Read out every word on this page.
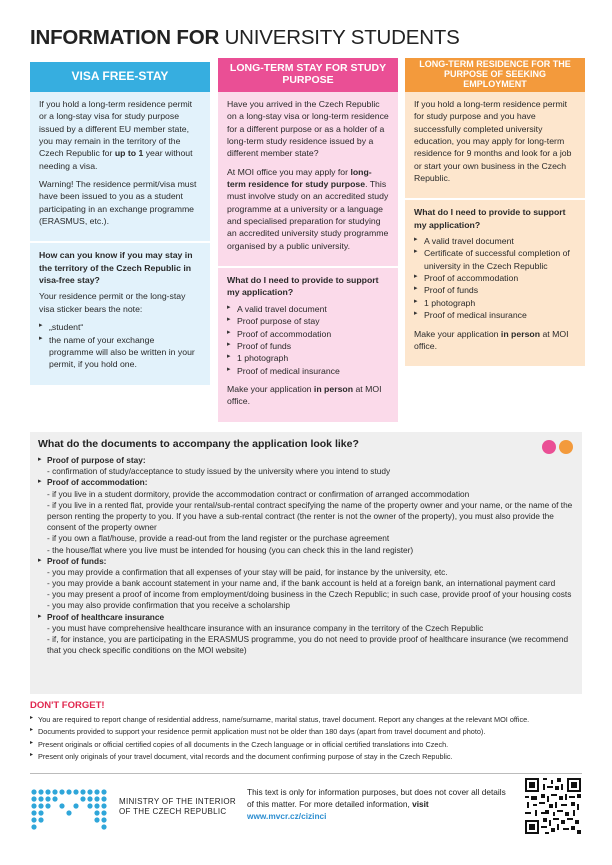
INFORMATION FOR UNIVERSITY STUDENTS
VISA FREE-STAY

If you hold a long-term residence permit or a long-stay visa for study purpose issued by a different EU member state, you may remain in the territory of the Czech Republic for up to 1 year without needing a visa.

Warning! The residence permit/visa must have been issued to you as a student participating in an exchange programme (ERASMUS, etc.).

How can you know if you may stay in the territory of the Czech Republic in visa-free stay?

Your residence permit or the long-stay visa sticker bears the note:

▸ „student“
▸ the name of your exchange programme will also be written in your permit, if you hold one.
LONG-TERM STAY FOR STUDY PURPOSE

Have you arrived in the Czech Republic on a long-stay visa or long-term residence for a different purpose or as a holder of a long-term study residence issued by a different member state?

At MOI office you may apply for long-term residence for study purpose. This must involve study on an accredited study programme at a university or a language and specialised preparation for studying an accredited university study programme organised by a public university.

What do I need to provide to support my application?
▸ A valid travel document
▸ Proof purpose of stay
▸ Proof of accommodation
▸ Proof of funds
▸ 1 photograph
▸ Proof of medical insurance

Make your application in person at MOI office.

LONG-TERM RESIDENCE FOR THE PURPOSE OF SEEKING EMPLOYMENT

If you hold a long-term residence permit for study purpose and you have successfully completed university education, you may apply for long-term residence for 9 months and look for a job or start your own business in the Czech Republic.

What do I need to provide to support my application?
▸ A valid travel document
▸ Certificate of successful completion of university in the Czech Republic
▸ Proof of accommodation
▸ Proof of funds
▸ 1 photograph
▸ Proof of medical insurance

Make your application in person at MOI office.

What do the documents to accompany the application look like?
▸ Proof of purpose of stay:
- confirmation of study/acceptance to study issued by the university where you intend to study
▸ Proof of accommodation:
- if you live in a student dormitory, provide the accommodation contract or confirmation of arranged accommodation
- if you live in a rented flat, provide your rental/sub-rental contract specifying the name of the property owner and your name, or the name of the person renting the property to you. If you have a sub-rental contract (the renter is not the owner of the property), you must also provide the consent of the property owner
- if you own a flat/house, provide a read-out from the land register or the purchase agreement
- the house/flat where you live must be intended for housing (you can check this in the land register)
▸ Proof of funds:
- you may provide a confirmation that all expenses of your stay will be paid, for instance by the university, etc.
- you may provide a bank account statement in your name and, if the bank account is held at a foreign bank, an international payment card
- you may present a proof of income from employment/doing business in the Czech Republic; in such case, provide proof of your housing costs
- you may also provide confirmation that you receive a scholarship
▸ Proof of healthcare insurance
- you must have comprehensive healthcare insurance with an insurance company in the territory of the Czech Republic
- if, for instance, you are participating in the ERASMUS programme, you do not need to provide proof of healthcare insurance (we recommend that you check specific conditions on the MOI website)
DON'T FORGET!
▸ You are required to report change of residential address, name/surname, marital status, travel document. Report any changes at the relevant MOI office.
▸ Documents provided to support your residence permit application must not be older than 180 days (apart from travel document and photo).
▸ Present originals or official certified copies of all documents in the Czech language or in official certified translations into Czech.
▸ Present only originals of your travel document, vital records and the document confirming purpose of stay in the Czech Republic.
MINISTRY OF THE INTERIOR
OF THE CZECH REPUBLIC
This text is only for information purposes, but does not cover all details of this matter. For more detailed information, visit
www.mvcr.cz/cizinci
